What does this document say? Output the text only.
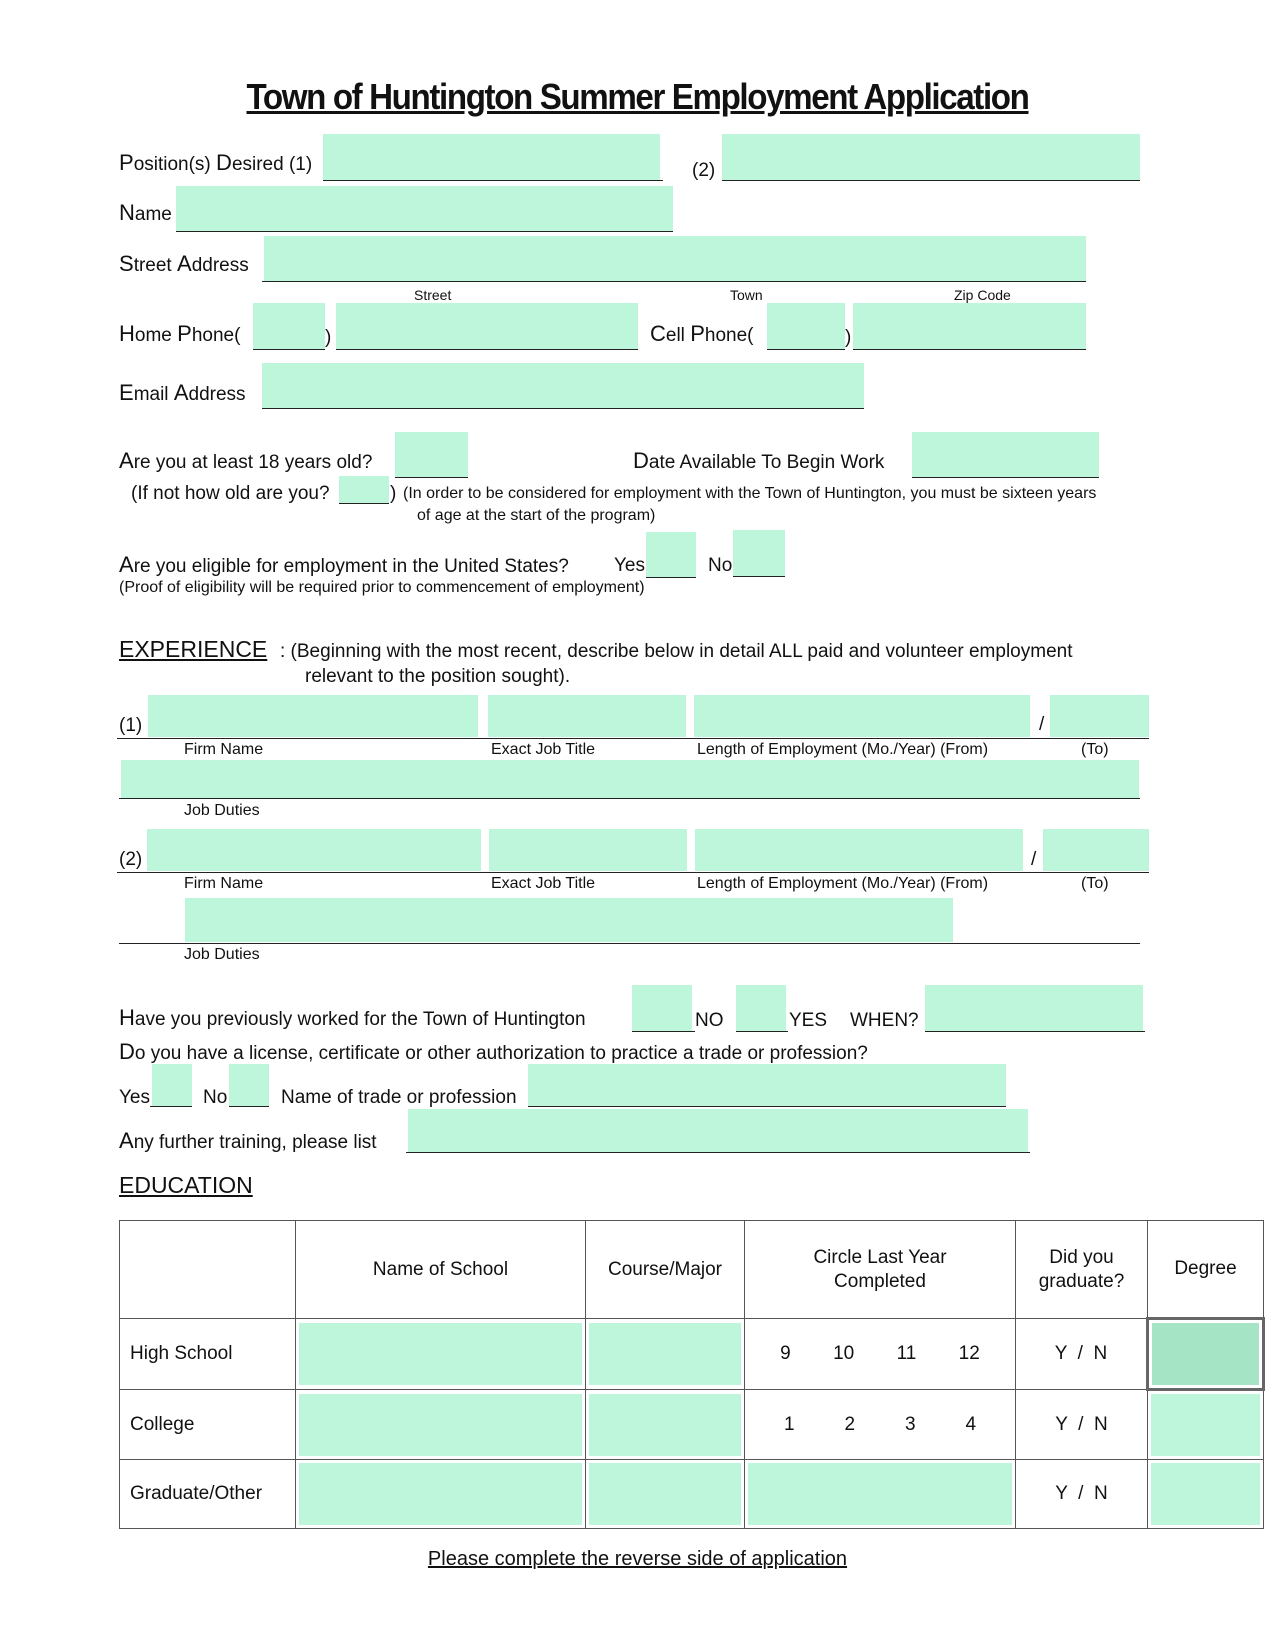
Town of Huntington Summer Employment Application
Position(s) Desired (1)	(2)
Name
Street Address
Street	Town	Zip Code
Home Phone(	)	Cell Phone(	)
Email Address
Are you at least 18 years old?	Date Available To Begin Work
(If not how old are you?	) (In order to be considered for employment with the Town of Huntington, you must be sixteen years
of age at the start of the program)
Are you eligible for employment in the United States? Yes	No
(Proof of eligibility will be required prior to commencement of employment)
EXPERIENCE : (Beginning with the most recent, describe below in detail ALL paid and volunteer employment
relevant to the position sought).
(1)	/
Firm Name	Exact Job Title	Length of Employment (Mo./Year) (From)	(To)
Job Duties
(2)	/
Firm Name	Exact Job Title	Length of Employment (Mo./Year) (From)	(To)
Job Duties
Have you previously worked for the Town of Huntington	NO	YES WHEN?
Do you have a license, certificate or other authorization to practice a trade or profession?
Yes	No	Name of trade or profession
Any further training, please list
EDUCATION
	Name of School	Course/Major	Circle Last Year Completed	Did you graduate?	Degree
High School			9 10 11 12	Y  /  N	

College			1 2 3 4	Y  /  N	

Graduate/Other				Y  /  N	
Please complete the reverse side of application
